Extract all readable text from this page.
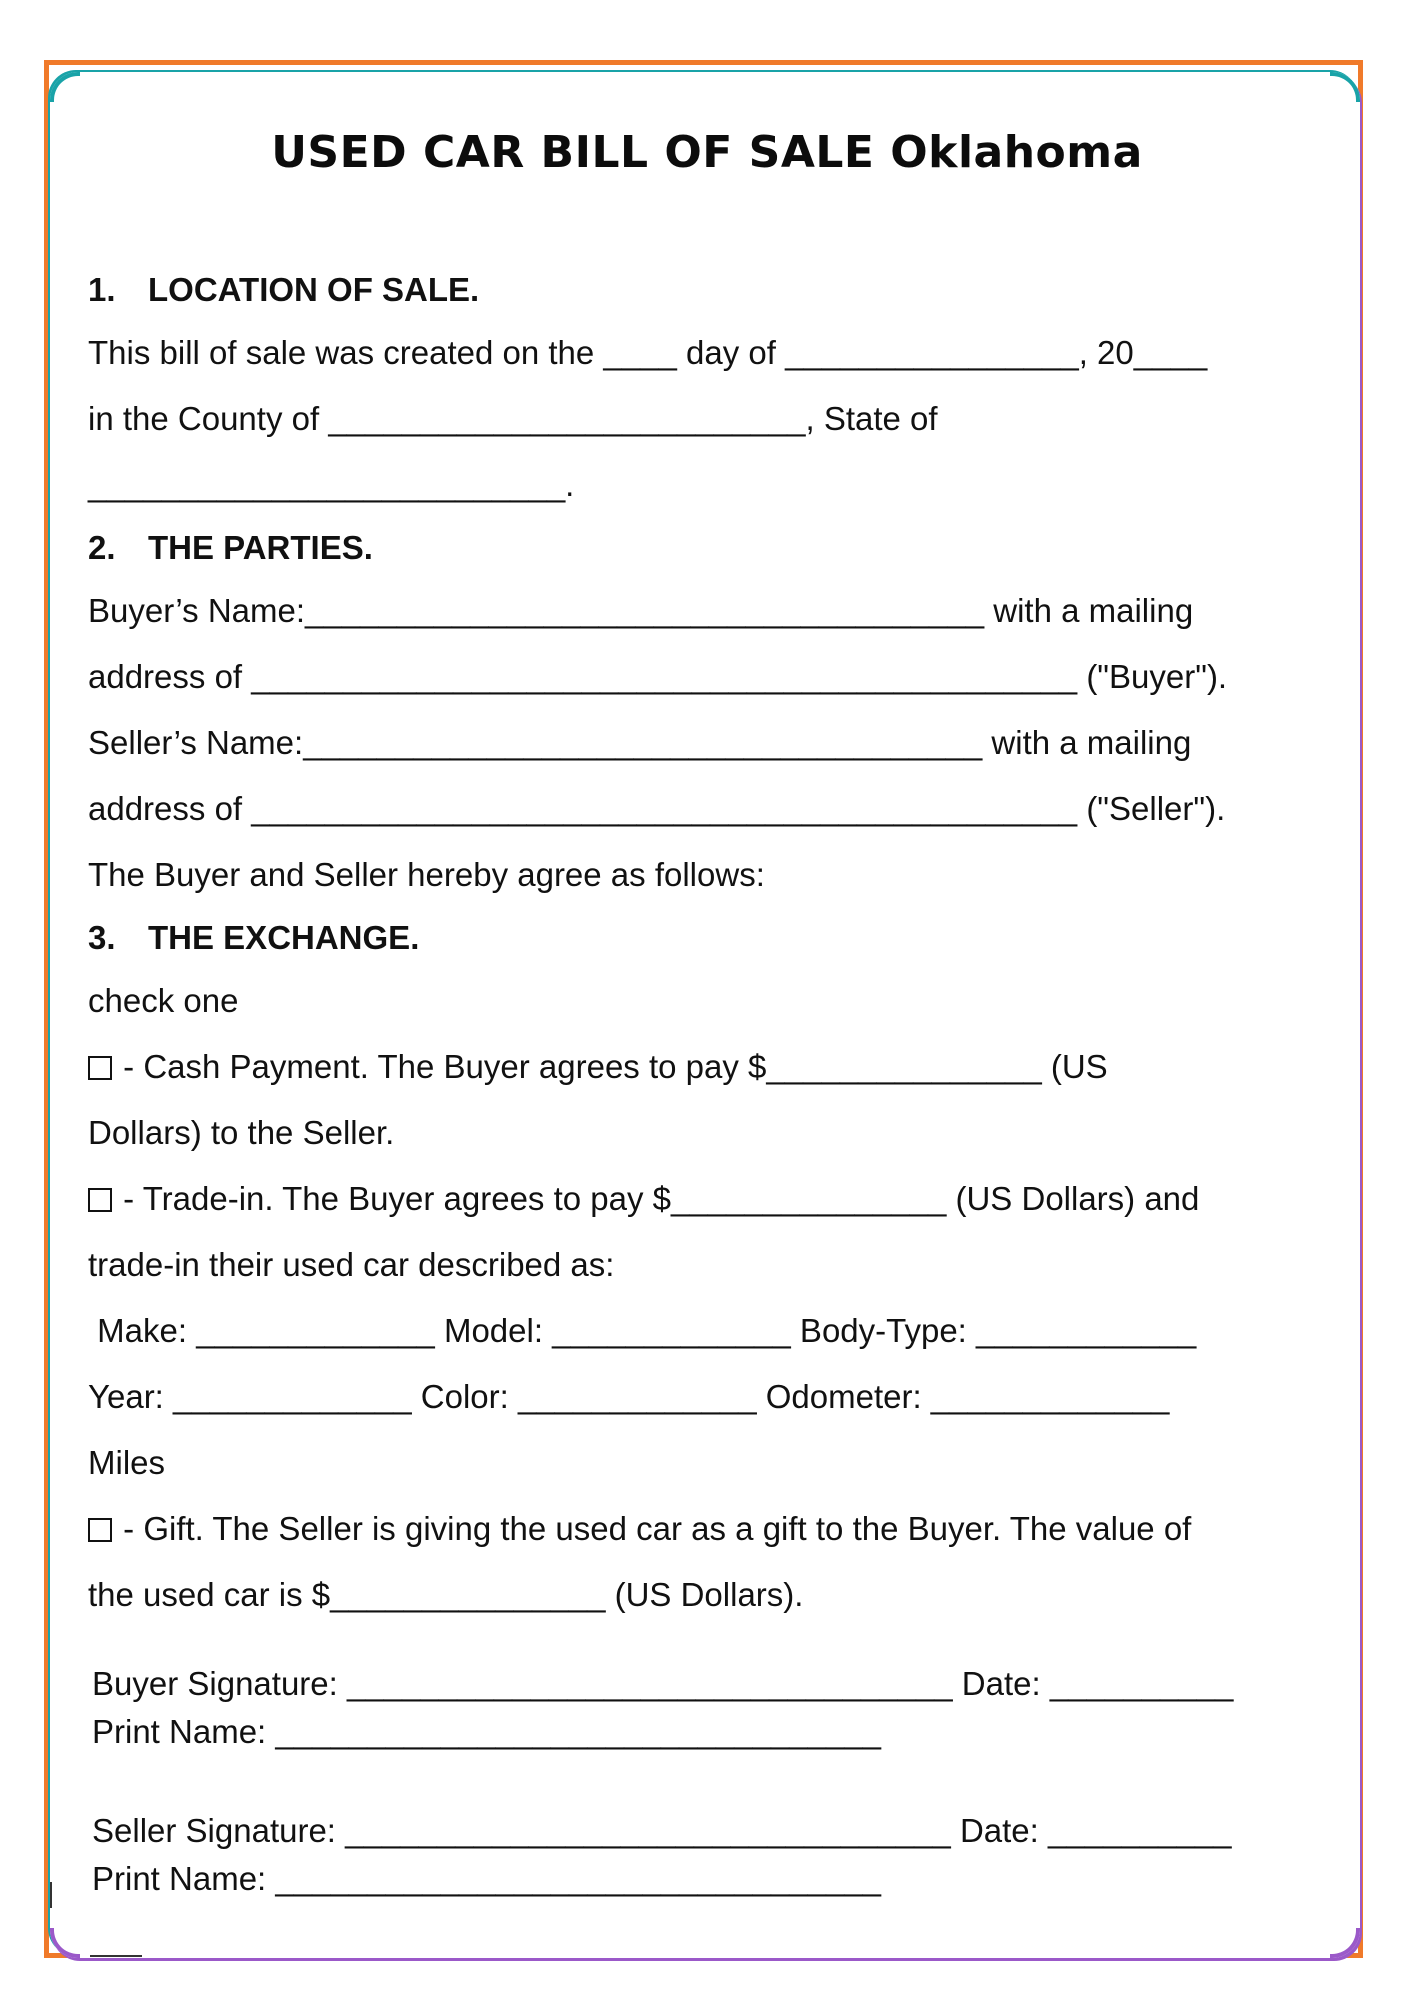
USED CAR BILL OF SALE Oklahoma
1. LOCATION OF SALE.
This bill of sale was created on the ____ day of ________________, 20____
in the County of __________________________, State of
__________________________.
2. THE PARTIES.
Buyer’s Name:_____________________________________ with a mailing
address of _____________________________________________ ("Buyer").
Seller’s Name:_____________________________________ with a mailing
address of _____________________________________________ ("Seller").
The Buyer and Seller hereby agree as follows:
3. THE EXCHANGE.
check one
- Cash Payment. The Buyer agrees to pay $_______________ (US
Dollars) to the Seller.
- Trade-in. The Buyer agrees to pay $_______________ (US Dollars) and
trade-in their used car described as:
Make: _____________ Model: _____________ Body-Type: ____________
Year: _____________ Color: _____________ Odometer: _____________
Miles
- Gift. The Seller is giving the used car as a gift to the Buyer. The value of
the used car is $_______________ (US Dollars).
Buyer Signature: _________________________________ Date: __________
Print Name: _________________________________
Seller Signature: _________________________________ Date: __________
Print Name: _________________________________
